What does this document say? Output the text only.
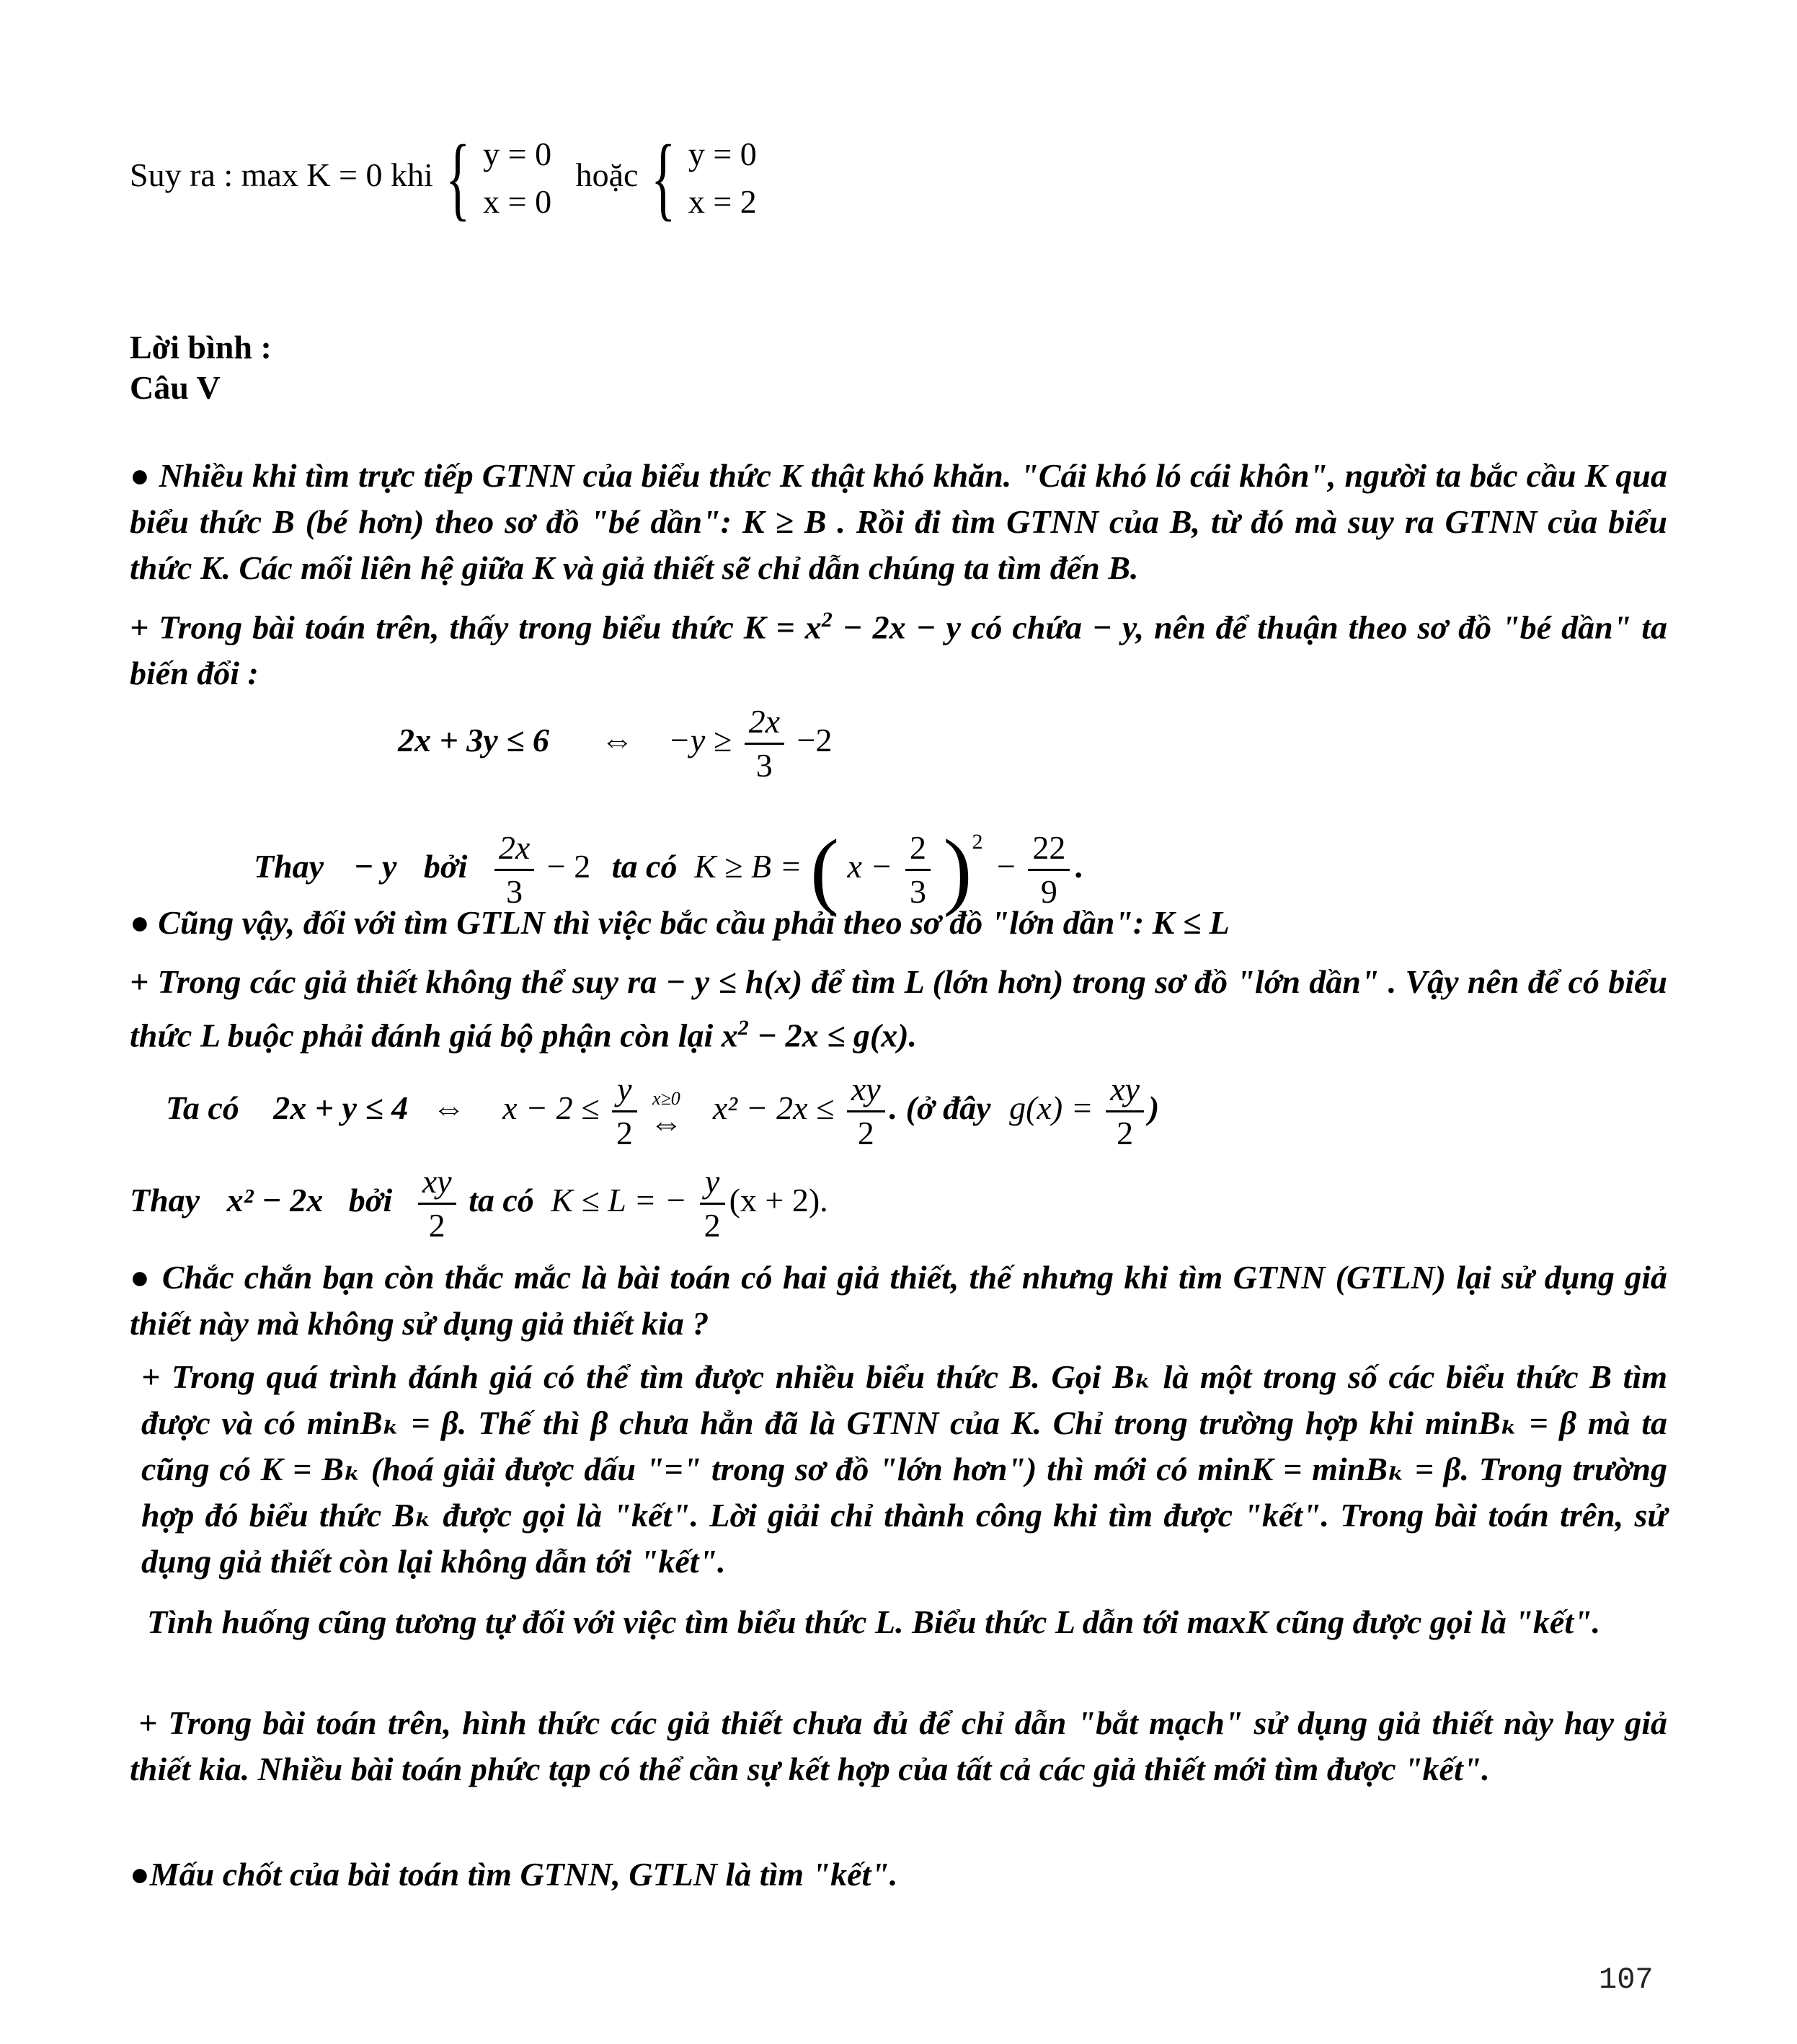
Suy ra : max K = 0 khi { y = 0
x = 0
hoặc { y = 0
x = 2
Lời bình :
Câu V
● Nhiều khi tìm trực tiếp GTNN của biểu thức K thật khó khăn. "Cái khó ló cái khôn", người ta bắc cầu K qua biểu thức B (bé hơn) theo sơ đồ "bé dần": K ≥ B . Rồi đi tìm GTNN của B, từ đó mà suy ra GTNN của biểu thức K. Các mối liên hệ giữa K và giả thiết sẽ chỉ dẫn chúng ta tìm đến B.
+ Trong bài toán trên, thấy trong biểu thức $K = x^2 - 2x - y$ có chứa − y, nên để thuận theo sơ đồ "bé dần" ta biến đổi :
2x + 3y ≤ 6 ⇔ $-y \ge \frac{2x}{3} -2$
Thay − y bởi $\frac{2x}{3} - 2$ ta có K ≥ B = ( $x - \frac{2}{3} )^2 - \frac{22}{9}$ .
● Cũng vậy, đối với tìm GTLN thì việc bắc cầu phải theo sơ đồ "lớn dần": K ≤ L
+ Trong các giả thiết không thể suy ra − y ≤ h(x) để tìm L (lớn hơn) trong sơ đồ "lớn dần" . Vậy nên để có biểu thức L buộc phải đánh giá bộ phận còn lại $x^2 - 2x \le g(x)$.
Ta có 2x + y ≤ 4 ⇔ $x - 2 \le \frac{y}{2}$
x≥0
⇔ $x^2 - 2x \le \frac{xy}{2}$ . (ở đây $g(x) = \frac{xy}{2}$ )
Thay x² − 2x bởi $\frac{xy}{2}$ ta có K ≤ L = − $\frac{y}{2} (x + 2)$.
● Chắc chắn bạn còn thắc mắc là bài toán có hai giả thiết, thế nhưng khi tìm GTNN (GTLN) lại sử dụng giả thiết này mà không sử dụng giả thiết kia ?
+ Trong quá trình đánh giá có thể tìm được nhiều biểu thức B. Gọi Bₖ là một trong số các biểu thức B tìm được và có minBₖ = β. Thế thì β chưa hẳn đã là GTNN của K. Chỉ trong trường hợp khi minBₖ = β mà ta cũng có K = Bₖ (hoá giải được dấu "=" trong sơ đồ "lớn hơn") thì mới có minK = minBₖ = β. Trong trường hợp đó biểu thức Bₖ được gọi là "kết". Lời giải chỉ thành công khi tìm được "kết". Trong bài toán trên, sử dụng giả thiết còn lại không dẫn tới "kết".
Tình huống cũng tương tự đối với việc tìm biểu thức L. Biểu thức L dẫn tới maxK cũng được gọi là "kết".
+ Trong bài toán trên, hình thức các giả thiết chưa đủ để chỉ dẫn "bắt mạch" sử dụng giả thiết này hay giả thiết kia. Nhiều bài toán phức tạp có thể cần sự kết hợp của tất cả các giả thiết mới tìm được "kết".
●Mấu chốt của bài toán tìm GTNN, GTLN là tìm "kết".
107
